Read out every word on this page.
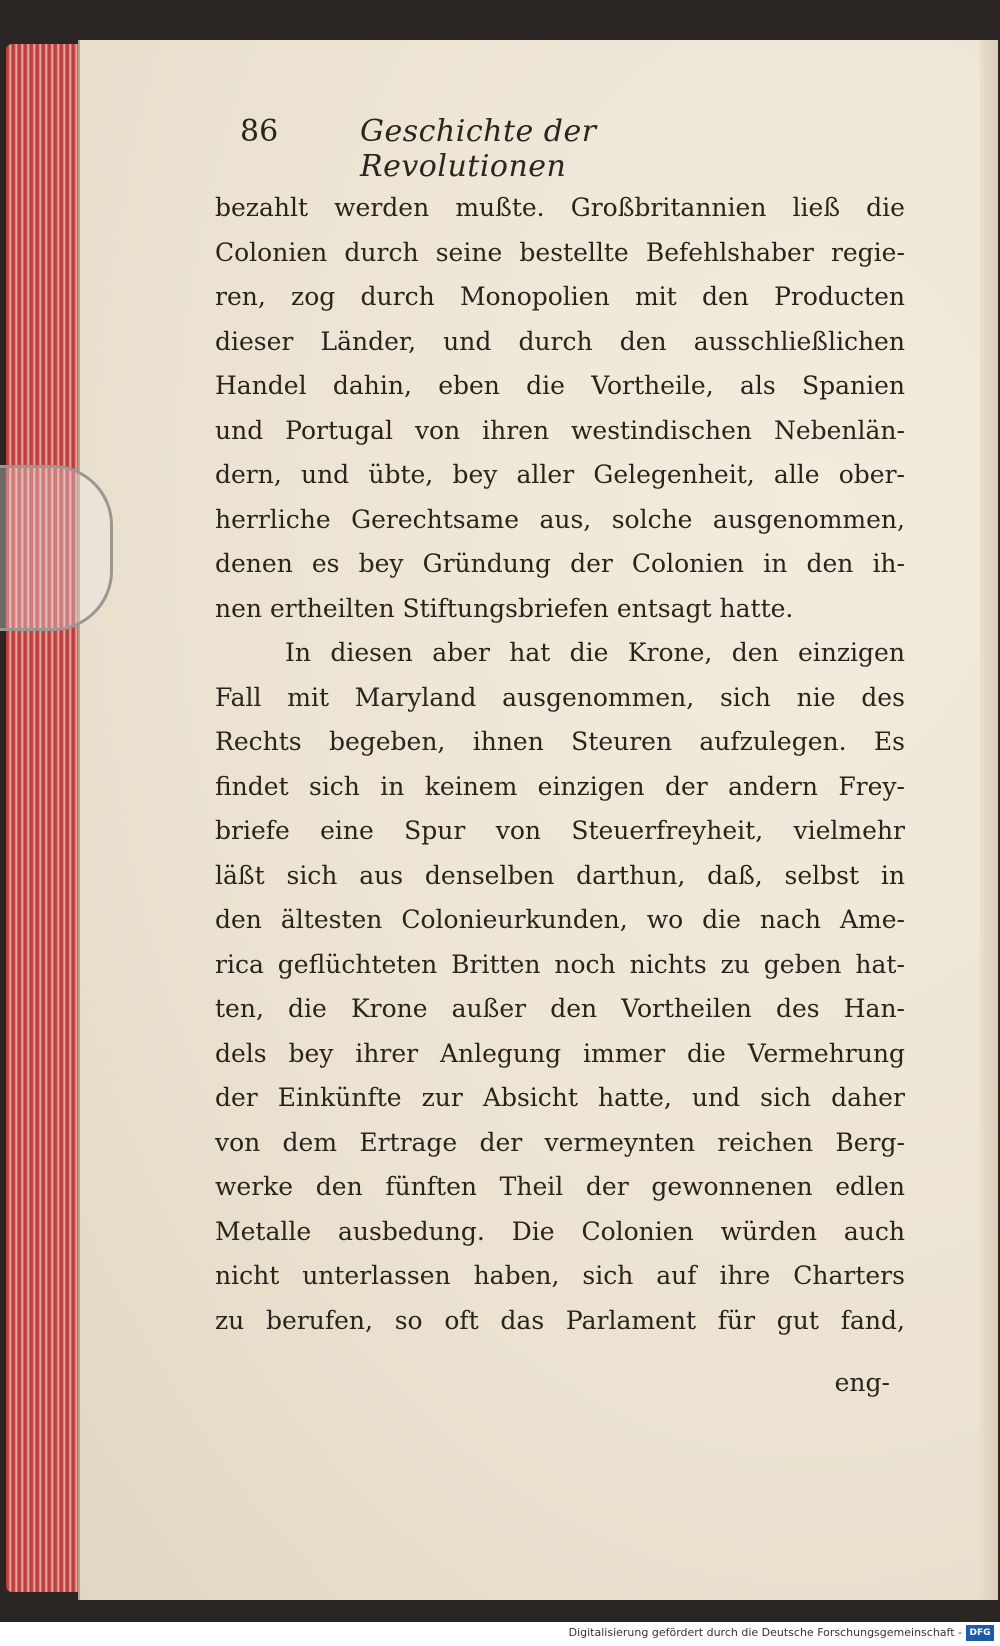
86	Geschichte der Revolutionen
bezahlt werden mußte. Großbritannien ließ die
Colonien durch seine bestellte Befehlshaber regie-
ren, zog durch Monopolien mit den Producten
dieser Länder, und durch den ausschließlichen
Handel dahin, eben die Vortheile, als Spanien
und Portugal von ihren westindischen Nebenlän-
dern, und übte, bey aller Gelegenheit, alle ober-
herrliche Gerechtsame aus, solche ausgenommen,
denen es bey Gründung der Colonien in den ih-
nen ertheilten Stiftungsbriefen entsagt hatte.
In diesen aber hat die Krone, den einzigen
Fall mit Maryland ausgenommen, sich nie des
Rechts begeben, ihnen Steuren aufzulegen. Es
findet sich in keinem einzigen der andern Frey-
briefe eine Spur von Steuerfreyheit, vielmehr
läßt sich aus denselben darthun, daß, selbst in
den ältesten Colonieurkunden, wo die nach Ame-
rica geflüchteten Britten noch nichts zu geben hat-
ten, die Krone außer den Vortheilen des Han-
dels bey ihrer Anlegung immer die Vermehrung
der Einkünfte zur Absicht hatte, und sich daher
von dem Ertrage der vermeynten reichen Berg-
werke den fünften Theil der gewonnenen edlen
Metalle ausbedung. Die Colonien würden auch
nicht unterlassen haben, sich auf ihre Charters
zu berufen, so oft das Parlament für gut fand,
eng-
Digitalisierung gefördert durch die Deutsche Forschungsgemeinschaft - DFG
